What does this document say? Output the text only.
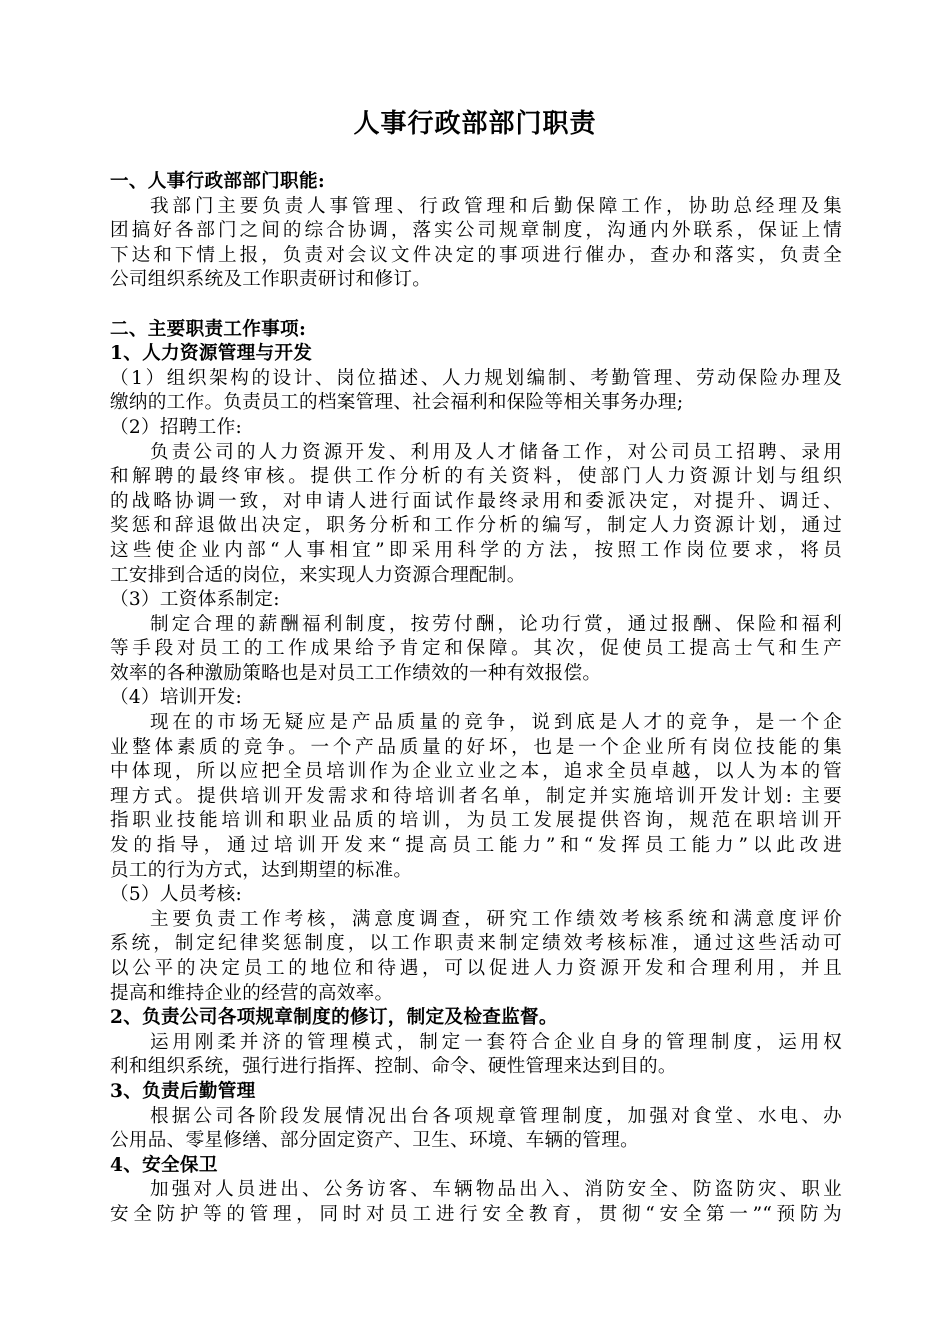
人事行政部部门职责
一、人事行政部部门职能:
我部门主要负责人事管理、行政管理和后勤保障工作，协助总经理及集
团搞好各部门之间的综合协调，落实公司规章制度，沟通内外联系，保证上情
下达和下情上报，负责对会议文件决定的事项进行催办，查办和落实，负责全
公司组织系统及工作职责研讨和修订。
二、主要职责工作事项:
1、人力资源管理与开发
（1）组织架构的设计、岗位描述、人力规划编制、考勤管理、劳动保险办理及
缴纳的工作。负责员工的档案管理、社会福利和保险等相关事务办理;
（2）招聘工作:
负责公司的人力资源开发、利用及人才储备工作，对公司员工招聘、录用
和解聘的最终审核。提供工作分析的有关资料，使部门人力资源计划与组织
的战略协调一致，对申请人进行面试作最终录用和委派决定，对提升、调迁、
奖惩和辞退做出决定，职务分析和工作分析的编写，制定人力资源计划，通过
这些使企业内部“人事相宜”即采用科学的方法，按照工作岗位要求，将员
工安排到合适的岗位，来实现人力资源合理配制。
（3）工资体系制定:
制定合理的薪酬福利制度，按劳付酬，论功行赏，通过报酬、保险和福利
等手段对员工的工作成果给予肯定和保障。其次，促使员工提高士气和生产
效率的各种激励策略也是对员工工作绩效的一种有效报偿。
（4）培训开发:
现在的市场无疑应是产品质量的竞争，说到底是人才的竞争，是一个企
业整体素质的竞争。一个产品质量的好坏，也是一个企业所有岗位技能的集
中体现，所以应把全员培训作为企业立业之本，追求全员卓越，以人为本的管
理方式。提供培训开发需求和待培训者名单，制定并实施培训开发计划: 主要
指职业技能培训和职业品质的培训，为员工发展提供咨询，规范在职培训开
发的指导，通过培训开发来“提高员工能力”和“发挥员工能力”以此改进
员工的行为方式，达到期望的标准。
（5）人员考核:
主要负责工作考核，满意度调查，研究工作绩效考核系统和满意度评价
系统，制定纪律奖惩制度，以工作职责来制定绩效考核标准，通过这些活动可
以公平的决定员工的地位和待遇，可以促进人力资源开发和合理利用，并且
提高和维持企业的经营的高效率。
2、负责公司各项规章制度的修订，制定及检查监督。
运用刚柔并济的管理模式，制定一套符合企业自身的管理制度，运用权
利和组织系统，强行进行指挥、控制、命令、硬性管理来达到目的。
3、负责后勤管理
根据公司各阶段发展情况出台各项规章管理制度，加强对食堂、水电、办
公用品、零星修缮、部分固定资产、卫生、环境、车辆的管理。
4、安全保卫
加强对人员进出、公务访客、车辆物品出入、消防安全、防盗防灾、职业
安全防护等的管理，同时对员工进行安全教育，贯彻“安全第一”“预防为
